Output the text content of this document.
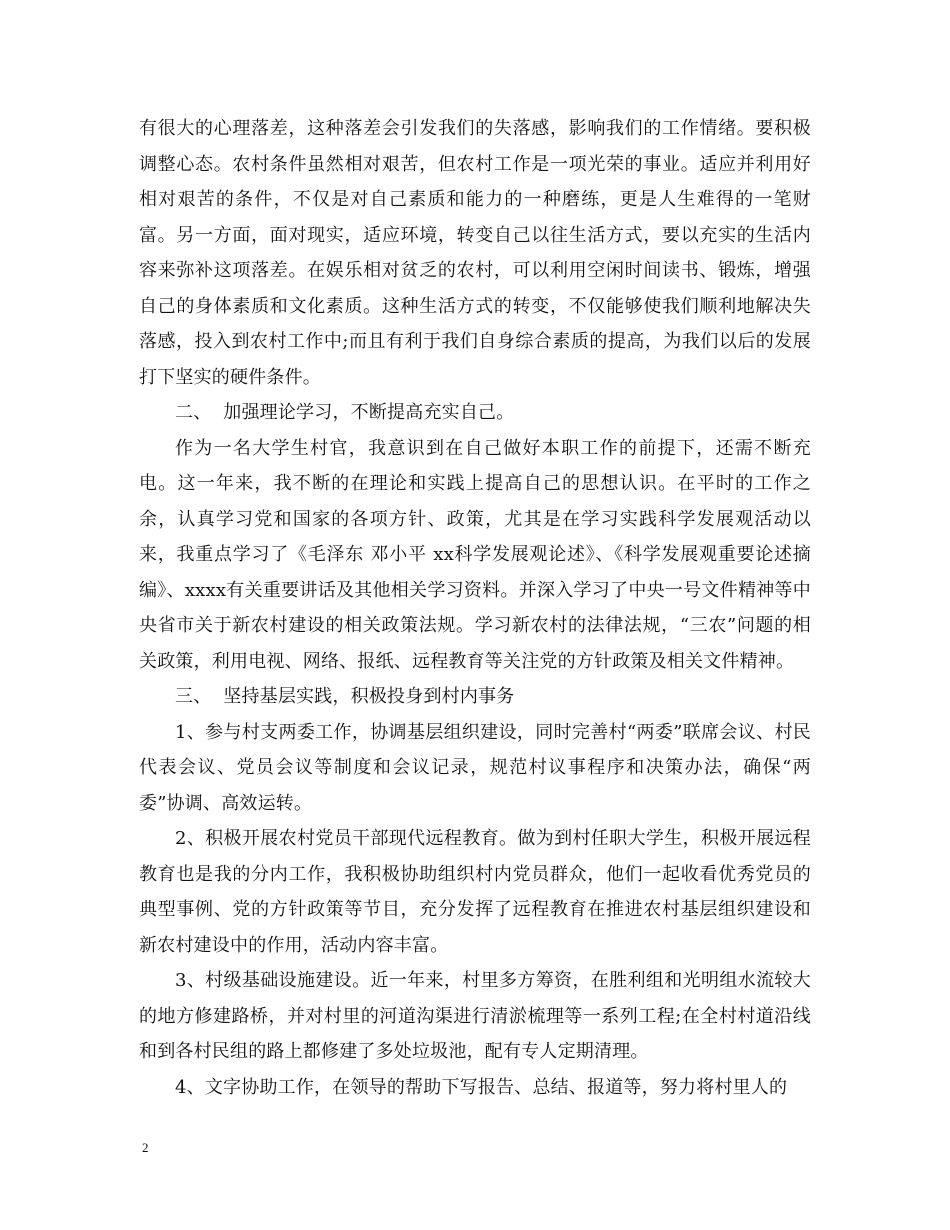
有很大的心理落差，这种落差会引发我们的失落感，影响我们的工作情绪。要积极调整心态。农村条件虽然相对艰苦，但农村工作是一项光荣的事业。适应并利用好相对艰苦的条件，不仅是对自己素质和能力的一种磨练，更是人生难得的一笔财富。另一方面，面对现实，适应环境，转变自己以往生活方式，要以充实的生活内容来弥补这项落差。在娱乐相对贫乏的农村，可以利用空闲时间读书、锻炼，增强自己的身体素质和文化素质。这种生活方式的转变，不仅能够使我们顺利地解决失落感，投入到农村工作中;而且有利于我们自身综合素质的提高，为我们以后的发展打下坚实的硬件条件。

二、  加强理论学习，不断提高充实自己。

作为一名大学生村官，我意识到在自己做好本职工作的前提下，还需不断充电。这一年来，我不断的在理论和实践上提高自己的思想认识。在平时的工作之余，认真学习党和国家的各项方针、政策，尤其是在学习实践科学发展观活动以来，我重点学习了《毛泽东 邓小平 xx科学发展观论述》、《科学发展观重要论述摘编》、xxxx有关重要讲话及其他相关学习资料。并深入学习了中央一号文件精神等中央省市关于新农村建设的相关政策法规。学习新农村的法律法规，“三农”问题的相关政策，利用电视、网络、报纸、远程教育等关注党的方针政策及相关文件精神。

三、  坚持基层实践，积极投身到村内事务

1、参与村支两委工作，协调基层组织建设，同时完善村“两委”联席会议、村民代表会议、党员会议等制度和会议记录，规范村议事程序和决策办法，确保“两委”协调、高效运转。

2、积极开展农村党员干部现代远程教育。做为到村任职大学生，积极开展远程教育也是我的分内工作，我积极协助组织村内党员群众，他们一起收看优秀党员的典型事例、党的方针政策等节目，充分发挥了远程教育在推进农村基层组织建设和新农村建设中的作用，活动内容丰富。

3、村级基础设施建设。近一年来，村里多方筹资，在胜利组和光明组水流较大的地方修建路桥，并对村里的河道沟渠进行清淤梳理等一系列工程;在全村村道沿线和到各村民组的路上都修建了多处垃圾池，配有专人定期清理。

4、文字协助工作，在领导的帮助下写报告、总结、报道等，努力将村里人的

2
